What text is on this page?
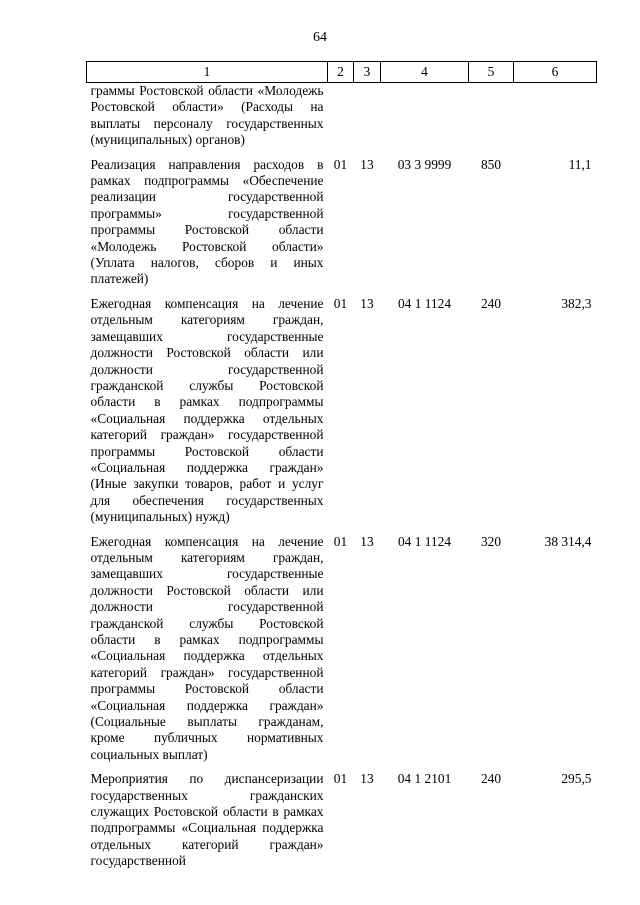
64
1	2	3	4	5	6
граммы Ростовской области «Молодежь Ростовской области» (Расходы на выплаты персоналу государственных (муниципальных) органов)					
Реализация направления расходов в рамках подпрограммы «Обеспечение реализации государственной программы» государственной программы Ростовской области «Молодежь Ростовской области» (Уплата налогов, сборов и иных платежей)	01	13	03 3 9999	850	11,1
Ежегодная компенсация на лечение отдельным категориям граждан, замещавших государственные должности Ростовской области или должности государственной гражданской службы Ростовской области в рамках подпрограммы «Социальная поддержка отдельных категорий граждан» государственной программы Ростовской области «Социальная поддержка граждан» (Иные закупки товаров, работ и услуг для обеспечения государственных (муниципальных) нужд)	01	13	04 1 1124	240	382,3
Ежегодная компенсация на лечение отдельным категориям граждан, замещавших государственные должности Ростовской области или должности государственной гражданской службы Ростовской области в рамках подпрограммы «Социальная поддержка отдельных категорий граждан» государственной программы Ростовской области «Социальная поддержка граждан» (Социальные выплаты гражданам, кроме публичных нормативных социальных выплат)	01	13	04 1 1124	320	38 314,4
Мероприятия по диспансеризации государственных гражданских служащих Ростовской области в рамках подпрограммы «Социальная поддержка отдельных категорий граждан» государственной	01	13	04 1 2101	240	295,5
